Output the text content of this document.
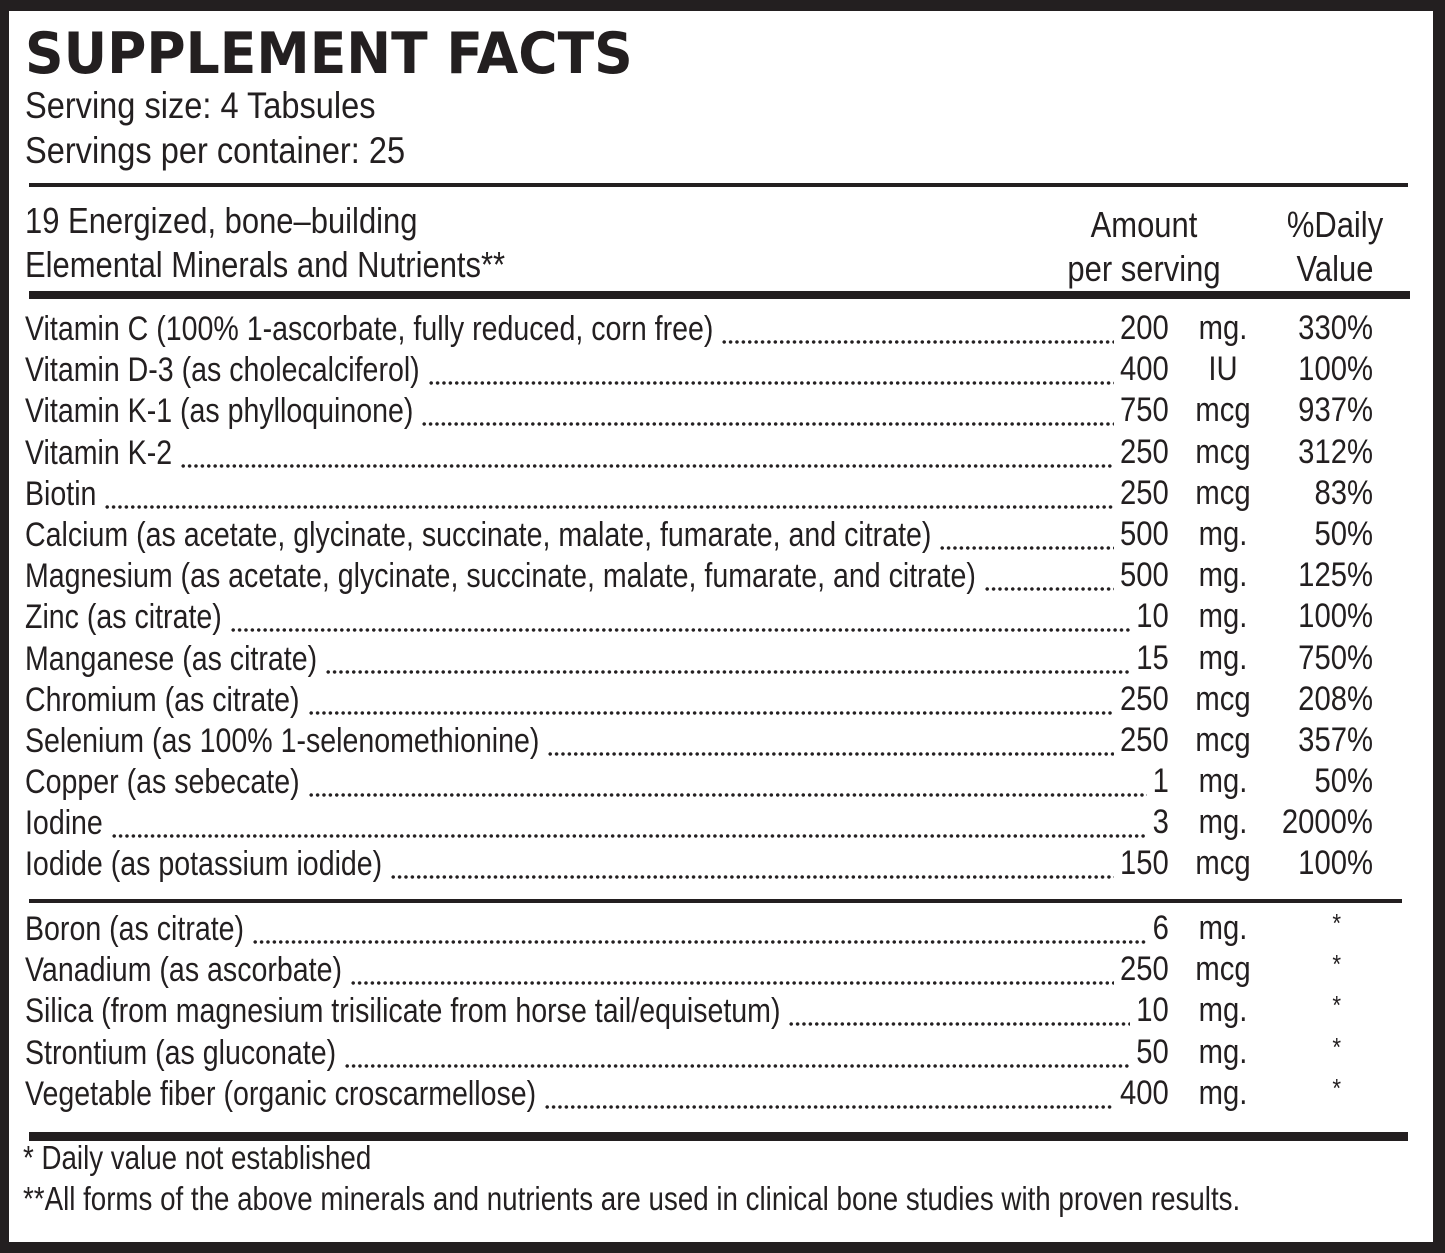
SUPPLEMENT FACTS
Serving size: 4 Tabsules
Servings per container: 25
19 Energized, bone–building
Elemental Minerals and Nutrients**
Amount
per serving
%Daily
Value
Vitamin C (100% 1-ascorbate, fully reduced, corn free)	200 mg. 330%
Vitamin D-3 (as cholecalciferol)	400	IU	100%
Vitamin K-1 (as phylloquinone)	750 mcg 937%
Vitamin K-2	250 mcg 312%
Biotin	250 mcg 83%
Calcium (as acetate, glycinate, succinate, malate, fumarate, and citrate)	500 mg. 50%
Magnesium (as acetate, glycinate, succinate, malate, fumarate, and citrate)	500 mg. 125%
Zinc (as citrate)	10 mg. 100%
Manganese (as citrate)	15 mg. 750%
Chromium (as citrate)	250 mcg 208%
Selenium (as 100% 1-selenomethionine)	250 mcg 357%
Copper (as sebecate)	1 mg. 50%
Iodine	3 mg. 2000%
Iodide (as potassium iodide)	150 mcg 100%
Boron (as citrate)	6 mg.	*
Vanadium (as ascorbate)	250 mcg	*
Silica (from magnesium trisilicate from horse tail/equisetum)	10 mg.	*
Strontium (as gluconate)	50 mg.	*
Vegetable fiber (organic croscarmellose)	400 mg.	*
* Daily value not established
**All forms of the above minerals and nutrients are used in clinical bone studies with proven results.
